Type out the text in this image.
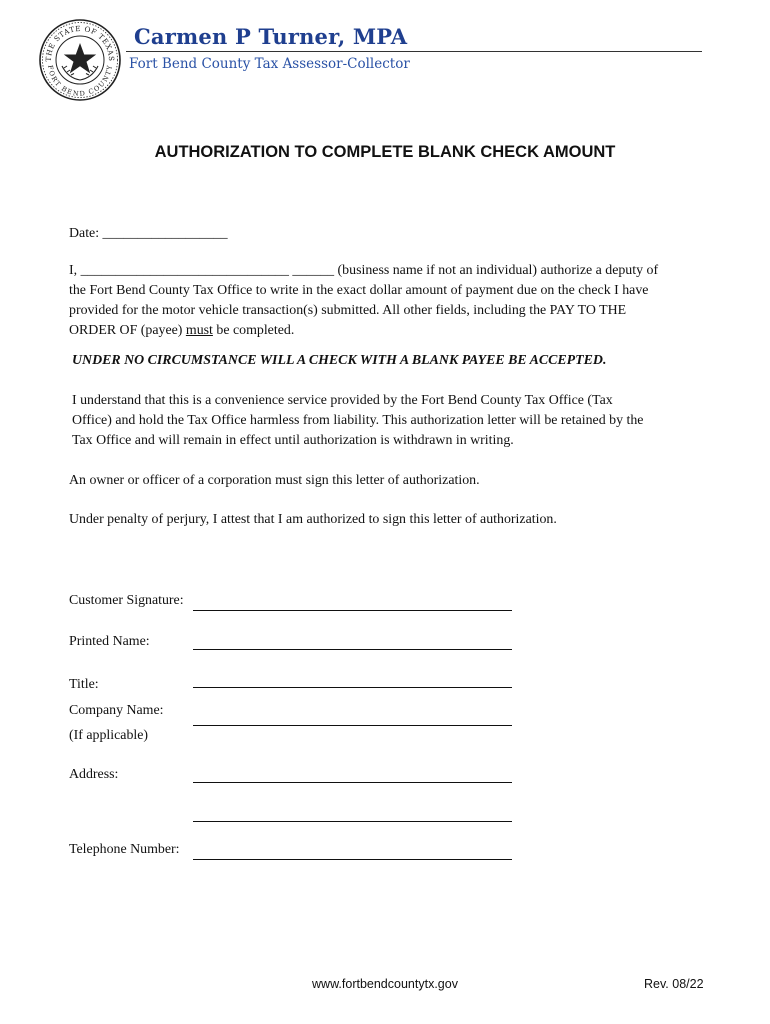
THE STATE OF TEXAS
FORT BEND COUNTY
Carmen P Turner, MPA
Fort Bend County Tax Assessor-Collector
AUTHORIZATION TO COMPLETE BLANK CHECK AMOUNT
Date: __________________
I, ______________________________ ______ (business name if not an individual) authorize a deputy of
the Fort Bend County Tax Office to write in the exact dollar amount of payment due on the check I have
provided for the motor vehicle transaction(s) submitted. All other fields, including the PAY TO THE
ORDER OF (payee) must be completed.
UNDER NO CIRCUMSTANCE WILL A CHECK WITH A BLANK PAYEE BE ACCEPTED.
I understand that this is a convenience service provided by the Fort Bend County Tax Office (Tax
Office) and hold the Tax Office harmless from liability. This authorization letter will be retained by the
Tax Office and will remain in effect until authorization is withdrawn in writing.
An owner or officer of a corporation must sign this letter of authorization.
Under penalty of perjury, I attest that I am authorized to sign this letter of authorization.
Customer Signature:
Printed Name:
Title:
Company Name:
(If applicable)
Address:
Telephone Number:
www.fortbendcountytx.gov	Rev. 08/22
